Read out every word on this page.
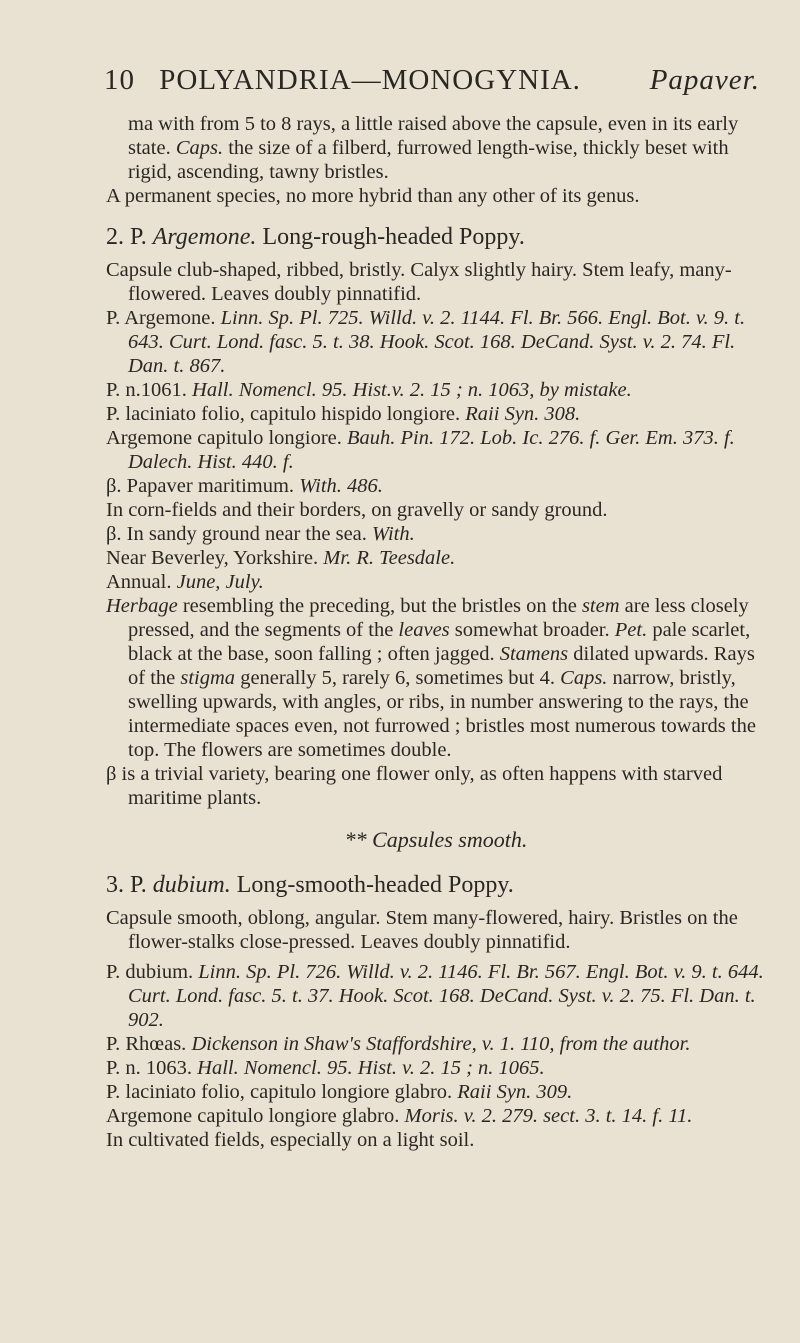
10 POLYANDRIA—MONOGYNIA. Papaver.

ma with from 5 to 8 rays, a little raised above the capsule, even in its early state. Caps. the size of a filberd, furrowed length-wise, thickly beset with rigid, ascending, tawny bristles.

A permanent species, no more hybrid than any other of its genus.

2. P. Argemone. Long-rough-headed Poppy.

Capsule club-shaped, ribbed, bristly. Calyx slightly hairy. Stem leafy, many-flowered. Leaves doubly pinnatifid.

P. Argemone. Linn. Sp. Pl. 725. Willd. v. 2. 1144. Fl. Br. 566. Engl. Bot. v. 9. t. 643. Curt. Lond. fasc. 5. t. 38. Hook. Scot. 168. DeCand. Syst. v. 2. 74. Fl. Dan. t. 867.

P. n.1061. Hall. Nomencl. 95. Hist.v. 2. 15 ; n. 1063, by mistake.

P. laciniato folio, capitulo hispido longiore. Raii Syn. 308.

Argemone capitulo longiore. Bauh. Pin. 172. Lob. Ic. 276. f. Ger. Em. 373. f. Dalech. Hist. 440. f.

β. Papaver maritimum. With. 486.

In corn-fields and their borders, on gravelly or sandy ground.

β. In sandy ground near the sea. With.

Near Beverley, Yorkshire. Mr. R. Teesdale.

Annual. June, July.

Herbage resembling the preceding, but the bristles on the stem are less closely pressed, and the segments of the leaves somewhat broader. Pet. pale scarlet, black at the base, soon falling ; often jagged. Stamens dilated upwards. Rays of the stigma generally 5, rarely 6, sometimes but 4. Caps. narrow, bristly, swelling upwards, with angles, or ribs, in number answering to the rays, the intermediate spaces even, not furrowed ; bristles most numerous towards the top. The flowers are sometimes double.

β is a trivial variety, bearing one flower only, as often happens with starved maritime plants.

** Capsules smooth.

3. P. dubium. Long-smooth-headed Poppy.

Capsule smooth, oblong, angular. Stem many-flowered, hairy. Bristles on the flower-stalks close-pressed. Leaves doubly pinnatifid.

P. dubium. Linn. Sp. Pl. 726. Willd. v. 2. 1146. Fl. Br. 567. Engl. Bot. v. 9. t. 644. Curt. Lond. fasc. 5. t. 37. Hook. Scot. 168. DeCand. Syst. v. 2. 75. Fl. Dan. t. 902.

P. Rhœas. Dickenson in Shaw's Staffordshire, v. 1. 110, from the author.

P. n. 1063. Hall. Nomencl. 95. Hist. v. 2. 15 ; n. 1065.

P. laciniato folio, capitulo longiore glabro. Raii Syn. 309.

Argemone capitulo longiore glabro. Moris. v. 2. 279. sect. 3. t. 14. f. 11.

In cultivated fields, especially on a light soil.
